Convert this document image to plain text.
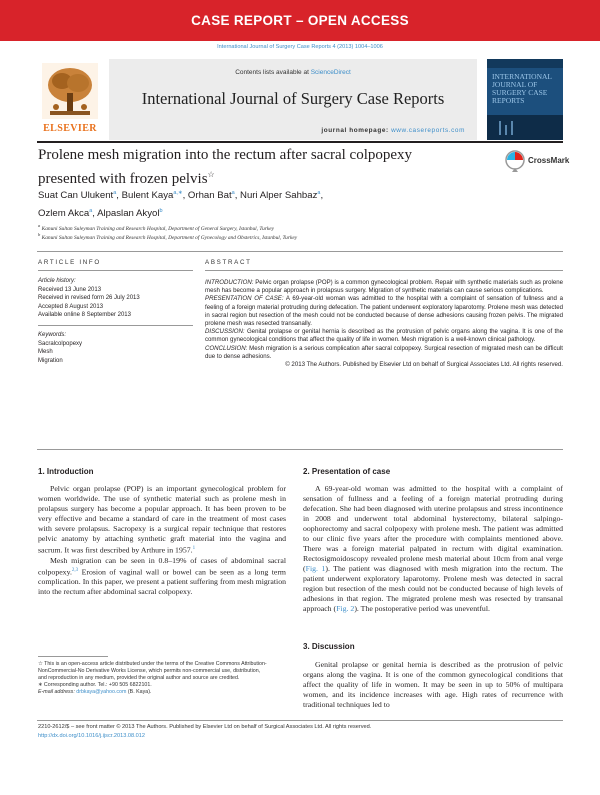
CASE REPORT – OPEN ACCESS
International Journal of Surgery Case Reports 4 (2013) 1004–1006
ELSEVIER
Contents lists available at ScienceDirect
International Journal of Surgery Case Reports
journal homepage: www.casereports.com
INTERNATIONAL JOURNAL OF SURGERY CASE REPORTS
Prolene mesh migration into the rectum after sacral colpopexy
presented with frozen pelvis☆
CrossMark
Suat Can Ulukent$^a$, Bulent Kaya$^{a,∗}$, Orhan Bat$^a$, Nuri Alper Sahbaz$^a$,
Ozlem Akca$^a$, Alpaslan Akyol$^b$
$^a$ Kanuni Sultan Suleyman Training and Research Hospital, Department of General Surgery, Istanbul, Turkey
$^b$ Kanuni Sultan Suleyman Training and Research Hospital, Department of Gynecology and Obstetrics, Istanbul, Turkey
ARTICLE INFO
Article history:
Received 13 June 2013
Received in revised form 26 July 2013
Accepted 8 August 2013
Available online 8 September 2013
Keywords:
Sacralcolpopexy
Mesh
Migration
ABSTRACT

INTRODUCTION: Pelvic organ prolapse (POP) is a common gynecological problem. Repair with synthetic materials such as prolene mesh has become a popular approach in prolapsus surgery. Migration of synthetic materials can cause serious complications.

PRESENTATION OF CASE: A 69-year-old woman was admitted to the hospital with a complaint of sensation of fullness and a feeling of a foreign material protruding during defecation. The patient underwent exploratory laparotomy. Prolene mesh was detected in sacral region but resection of the mesh could not be conducted because of dense adhesions causing frozen pelvis. The migrated prolene mesh was resected transanally.

DISCUSSION: Genital prolapse or genital hernia is described as the protrusion of pelvic organs along the vagina. It is one of the common gynecological conditions that affect the quality of life in women. Mesh migration is a well-known clinical pathology.

CONCLUSION: Mesh migration is a serious complication after sacral colpopexy. Surgical resection of migrated mesh can be difficult due to dense adhesions.

© 2013 The Authors. Published by Elsevier Ltd on behalf of Surgical Associates Ltd. All rights reserved.

1. Introduction

Pelvic organ prolapse (POP) is an important gynecological problem for women worldwide. The use of synthetic material such as prolene mesh in prolapsus surgery has become a popular approach. It has been proven to be very effective and became a standard of care in the treatment of most cases with severe prolapsus. Sacropexy is a surgical repair technique that restores pelvic anatomy by attaching synthetic graft material into the vagina and sacrum. It was first described by Arthure in 1957.$^1$

Mesh migration can be seen in 0.8–19% of cases of abdominal sacral colpopexy.$^{2,3}$ Erosion of vaginal wall or bowel can be seen as a long term complication. In this paper, we present a patient suffering from mesh migration into the rectum after abdominal sacral colpopexy.

2. Presentation of case

A 69-year-old woman was admitted to the hospital with a complaint of sensation of fullness and a feeling of a foreign material protruding during defecation. She had been diagnosed with uterine prolapsus and stress incontinence in 2008 and underwent total abdominal hysterectomy, bilateral salpingo-oophorectomy and sacral colpopexy with prolene mesh. The patient was admitted to our clinic five years after the procedure with complaints mentioned above. There was a foreign material palpated in rectum with digital examination. Rectosigmoidoscopy revealed prolene mesh material about 10cm from anal verge (Fig. 1). The patient was diagnosed with mesh migration into the rectum. The patient underwent exploratory laparotomy. Prolene mesh was detected in sacral region but resection of the mesh could not be conducted because of high levels of adhesions in that region. The migrated prolene mesh was resected by transanal approach (Fig. 2). The postoperative period was uneventful.

3. Discussion

Genital prolapse or genital hernia is described as the protrusion of pelvic organs along the vagina. It is one of the common gynecological conditions that affect the quality of life in women. It may be seen in up to 50% of multipara women, and its incidence increases with age. High rates of recurrence with traditional techniques led to

☆ This is an open-access article distributed under the terms of the Creative Commons Attribution-NonCommercial-No Derivative Works License, which permits non-commercial use, distribution, and reproduction in any medium, provided the original author and source are credited.
∗ Corresponding author. Tel.: +90 505 6822101.
E-mail address: drbkaya@yahoo.com (B. Kaya).
2210-2612/$ – see front matter © 2013 The Authors. Published by Elsevier Ltd on behalf of Surgical Associates Ltd. All rights reserved.
http://dx.doi.org/10.1016/j.ijscr.2013.08.012
